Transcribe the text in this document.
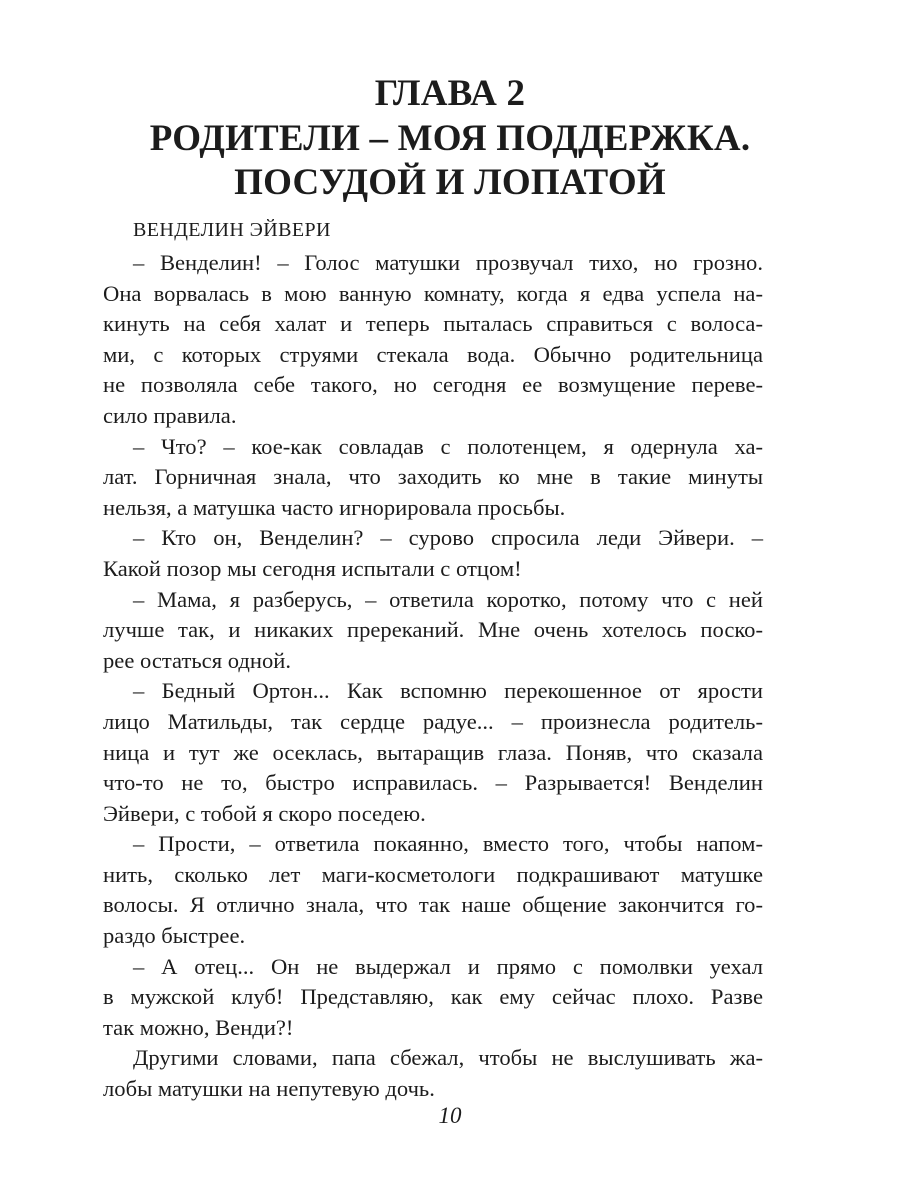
ГЛАВА 2
РОДИТЕЛИ – МОЯ ПОДДЕРЖКА.
ПОСУДОЙ И ЛОПАТОЙ
ВЕНДЕЛИН ЭЙВЕРИ
– Венделин! – Голос матушки прозвучал тихо, но грозно.
Она ворвалась в мою ванную комнату, когда я едва успела на-
кинуть на себя халат и теперь пыталась справиться с волоса-
ми, с которых струями стекала вода. Обычно родительница
не позволяла себе такого, но сегодня ее возмущение переве-
сило правила.
– Что? – кое-как совладав с полотенцем, я одернула ха-
лат. Горничная знала, что заходить ко мне в такие минуты
нельзя, а матушка часто игнорировала просьбы.
– Кто он, Венделин? – сурово спросила леди Эйвери. –
Какой позор мы сегодня испытали с отцом!
– Мама, я разберусь, – ответила коротко, потому что с ней
лучше так, и никаких пререканий. Мне очень хотелось поско-
рее остаться одной.
– Бедный Ортон... Как вспомню перекошенное от ярости
лицо Матильды, так сердце радуе... – произнесла родитель-
ница и тут же осеклась, вытаращив глаза. Поняв, что сказала
что-то не то, быстро исправилась. – Разрывается! Венделин
Эйвери, с тобой я скоро поседею.
– Прости, – ответила покаянно, вместо того, чтобы напом-
нить, сколько лет маги-косметологи подкрашивают матушке
волосы. Я отлично знала, что так наше общение закончится го-
раздо быстрее.
– А отец... Он не выдержал и прямо с помолвки уехал
в мужской клуб! Представляю, как ему сейчас плохо. Разве
так можно, Венди?!
Другими словами, папа сбежал, чтобы не выслушивать жа-
лобы матушки на непутевую дочь.
10
